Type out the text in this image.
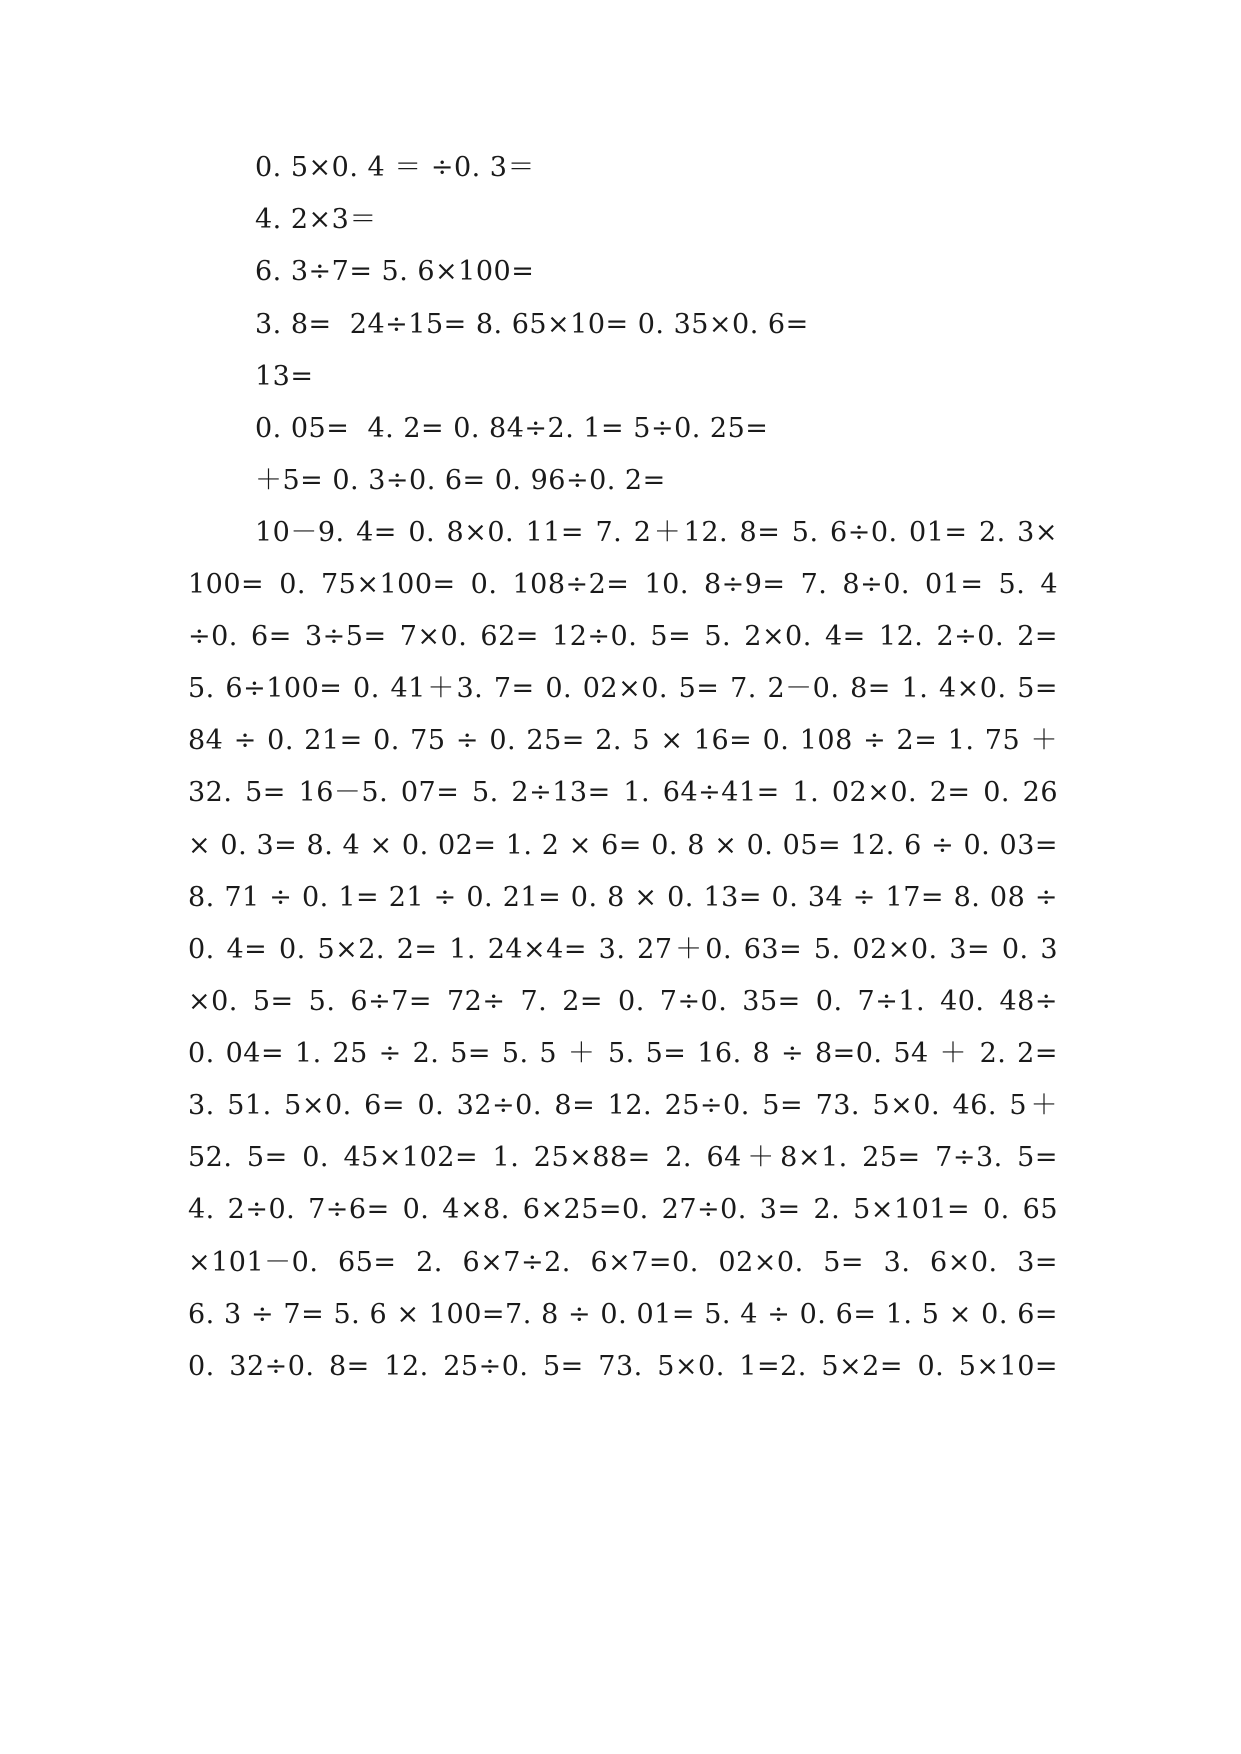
0. 5×0. 4 ＝ ÷0. 3＝
4. 2×3＝
6. 3÷7= 5. 6×100=
3. 8=  24÷15= 8. 65×10= 0. 35×0. 6=
13=
0. 05=  4. 2= 0. 84÷2. 1= 5÷0. 25=
＋5= 0. 3÷0. 6= 0. 96÷0. 2=
10－9. 4= 0. 8×0. 11= 7. 2＋12. 8= 5. 6÷0. 01= 2. 3×
100= 0. 75×100= 0. 108÷2= 10. 8÷9= 7. 8÷0. 01= 5. 4
÷0. 6= 3÷5= 7×0. 62= 12÷0. 5= 5. 2×0. 4= 12. 2÷0. 2=
5. 6÷100= 0. 41＋3. 7= 0. 02×0. 5= 7. 2－0. 8= 1. 4×0. 5=
84 ÷ 0. 21= 0. 75 ÷ 0. 25= 2. 5 × 16= 0. 108 ÷ 2= 1. 75 ＋
32. 5= 16－5. 07= 5. 2÷13= 1. 64÷41= 1. 02×0. 2= 0. 26
× 0. 3= 8. 4 × 0. 02= 1. 2 × 6= 0. 8 × 0. 05= 12. 6 ÷ 0. 03=
8. 71 ÷ 0. 1= 21 ÷ 0. 21= 0. 8 × 0. 13= 0. 34 ÷ 17= 8. 08 ÷
0. 4= 0. 5×2. 2= 1. 24×4= 3. 27＋0. 63= 5. 02×0. 3= 0. 3
×0. 5= 5. 6÷7= 72÷ 7. 2= 0. 7÷0. 35= 0. 7÷1. 40. 48÷
0. 04= 1. 25 ÷ 2. 5= 5. 5 ＋ 5. 5= 16. 8 ÷ 8=0. 54 ＋ 2. 2=
3. 51. 5×0. 6= 0. 32÷0. 8= 12. 25÷0. 5= 73. 5×0. 46. 5＋
52. 5= 0. 45×102= 1. 25×88= 2. 64＋8×1. 25= 7÷3. 5=
4. 2÷0. 7÷6= 0. 4×8. 6×25=0. 27÷0. 3= 2. 5×101= 0. 65
×101－0. 65= 2. 6×7÷2. 6×7=0. 02×0. 5= 3. 6×0. 3=
6. 3 ÷ 7= 5. 6 × 100=7. 8 ÷ 0. 01= 5. 4 ÷ 0. 6= 1. 5 × 0. 6=
0. 32÷0. 8= 12. 25÷0. 5= 73. 5×0. 1=2. 5×2= 0. 5×10=
